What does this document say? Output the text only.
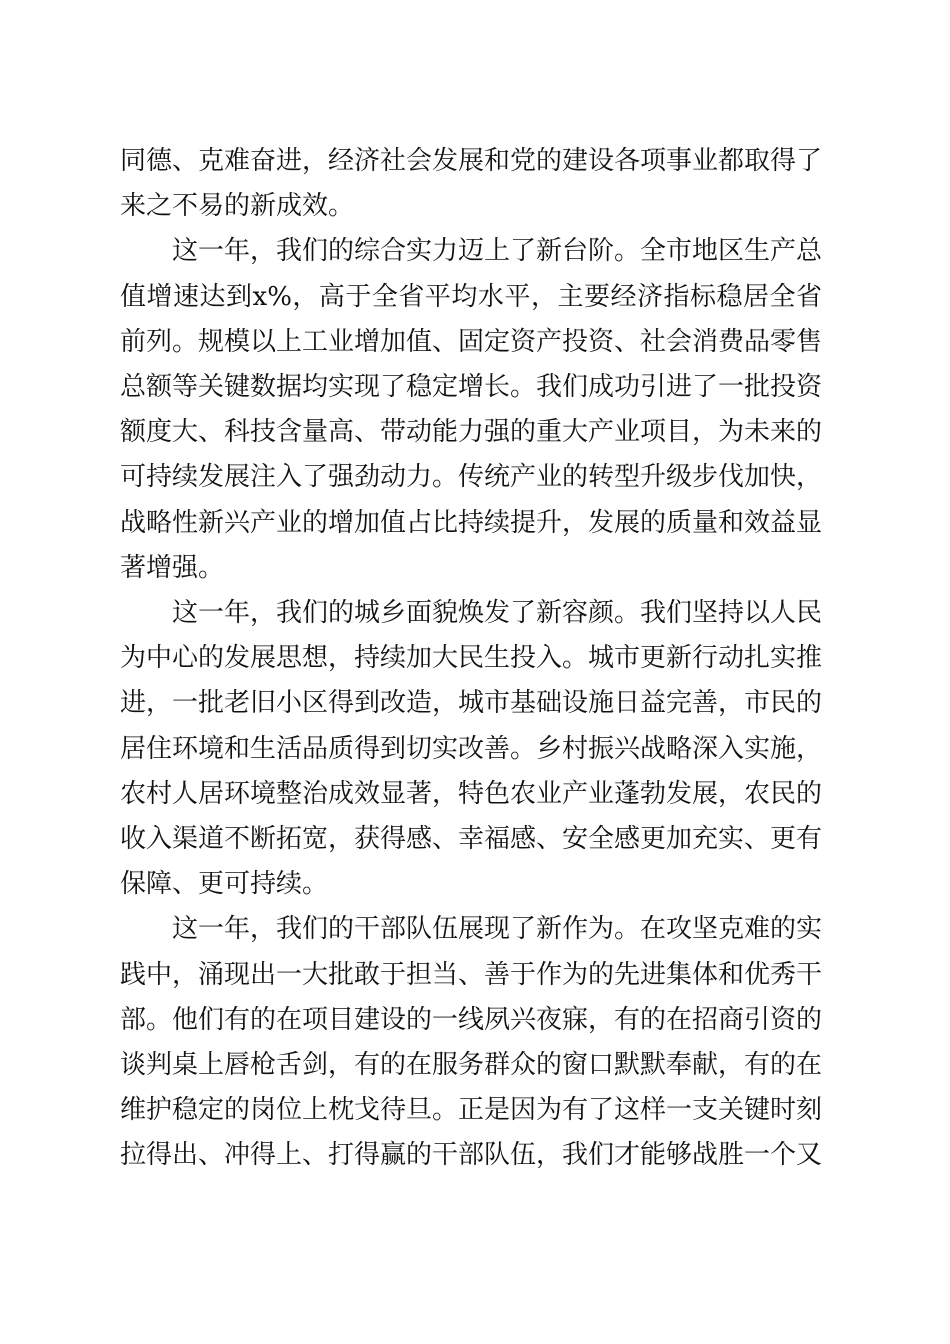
同德、克难奋进，经济社会发展和党的建设各项事业都取得了来之不易的新成效。

这一年，我们的综合实力迈上了新台阶。全市地区生产总值增速达到x%，高于全省平均水平，主要经济指标稳居全省前列。规模以上工业增加值、固定资产投资、社会消费品零售总额等关键数据均实现了稳定增长。我们成功引进了一批投资额度大、科技含量高、带动能力强的重大产业项目，为未来的可持续发展注入了强劲动力。传统产业的转型升级步伐加快，战略性新兴产业的增加值占比持续提升，发展的质量和效益显著增强。

这一年，我们的城乡面貌焕发了新容颜。我们坚持以人民为中心的发展思想，持续加大民生投入。城市更新行动扎实推进，一批老旧小区得到改造，城市基础设施日益完善，市民的居住环境和生活品质得到切实改善。乡村振兴战略深入实施，农村人居环境整治成效显著，特色农业产业蓬勃发展，农民的收入渠道不断拓宽，获得感、幸福感、安全感更加充实、更有保障、更可持续。

这一年，我们的干部队伍展现了新作为。在攻坚克难的实践中，涌现出一大批敢于担当、善于作为的先进集体和优秀干部。他们有的在项目建设的一线夙兴夜寐，有的在招商引资的谈判桌上唇枪舌剑，有的在服务群众的窗口默默奉献，有的在维护稳定的岗位上枕戈待旦。正是因为有了这样一支关键时刻拉得出、冲得上、打得赢的干部队伍，我们才能够战胜一个又
